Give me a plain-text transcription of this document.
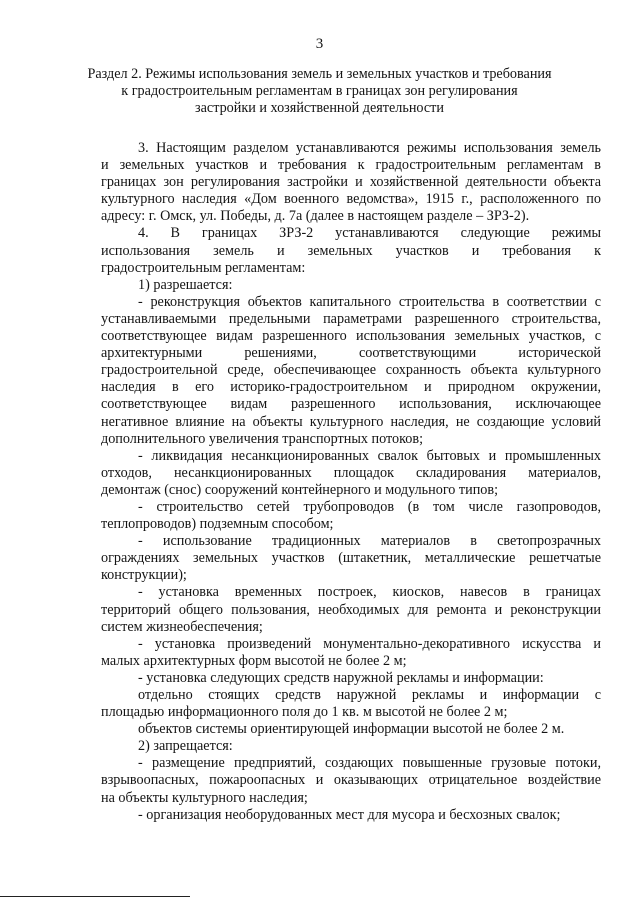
3
Раздел 2. Режимы использования земель и земельных участков и требования
к градостроительным регламентам в границах зон регулирования
застройки и хозяйственной деятельности
3. Настоящим разделом устанавливаются режимы использования земель
и земельных участков и требования к градостроительным регламентам в
границах зон регулирования застройки и хозяйственной деятельности объекта
культурного наследия «Дом военного ведомства», 1915 г., расположенного по
адресу: г. Омск, ул. Победы, д. 7а (далее в настоящем разделе – ЗРЗ-2).
4. В границах ЗРЗ-2 устанавливаются следующие режимы
использования земель и земельных участков и требования к
градостроительным регламентам:
1) разрешается:
- реконструкция объектов капитального строительства в соответствии с
устанавливаемыми предельными параметрами разрешенного строительства,
соответствующее видам разрешенного использования земельных участков, с
архитектурными решениями, соответствующими исторической
градостроительной среде, обеспечивающее сохранность объекта культурного
наследия в его историко-градостроительном и природном окружении,
соответствующее видам разрешенного использования, исключающее
негативное влияние на объекты культурного наследия, не создающие условий
дополнительного увеличения транспортных потоков;
- ликвидация несанкционированных свалок бытовых и промышленных
отходов, несанкционированных площадок складирования материалов,
демонтаж (снос) сооружений контейнерного и модульного типов;
- строительство сетей трубопроводов (в том числе газопроводов,
теплопроводов) подземным способом;
- использование традиционных материалов в светопрозрачных
ограждениях земельных участков (штакетник, металлические решетчатые
конструкции);
- установка временных построек, киосков, навесов в границах
территорий общего пользования, необходимых для ремонта и реконструкции
систем жизнеобеспечения;
- установка произведений монументально-декоративного искусства и
малых архитектурных форм высотой не более 2 м;
- установка следующих средств наружной рекламы и информации:
отдельно стоящих средств наружной рекламы и информации с
площадью информационного поля до 1 кв. м высотой не более 2 м;
объектов системы ориентирующей информации высотой не более 2 м.
2) запрещается:
- размещение предприятий, создающих повышенные грузовые потоки,
взрывоопасных, пожароопасных и оказывающих отрицательное воздействие
на объекты культурного наследия;
- организация необорудованных мест для мусора и бесхозных свалок;
